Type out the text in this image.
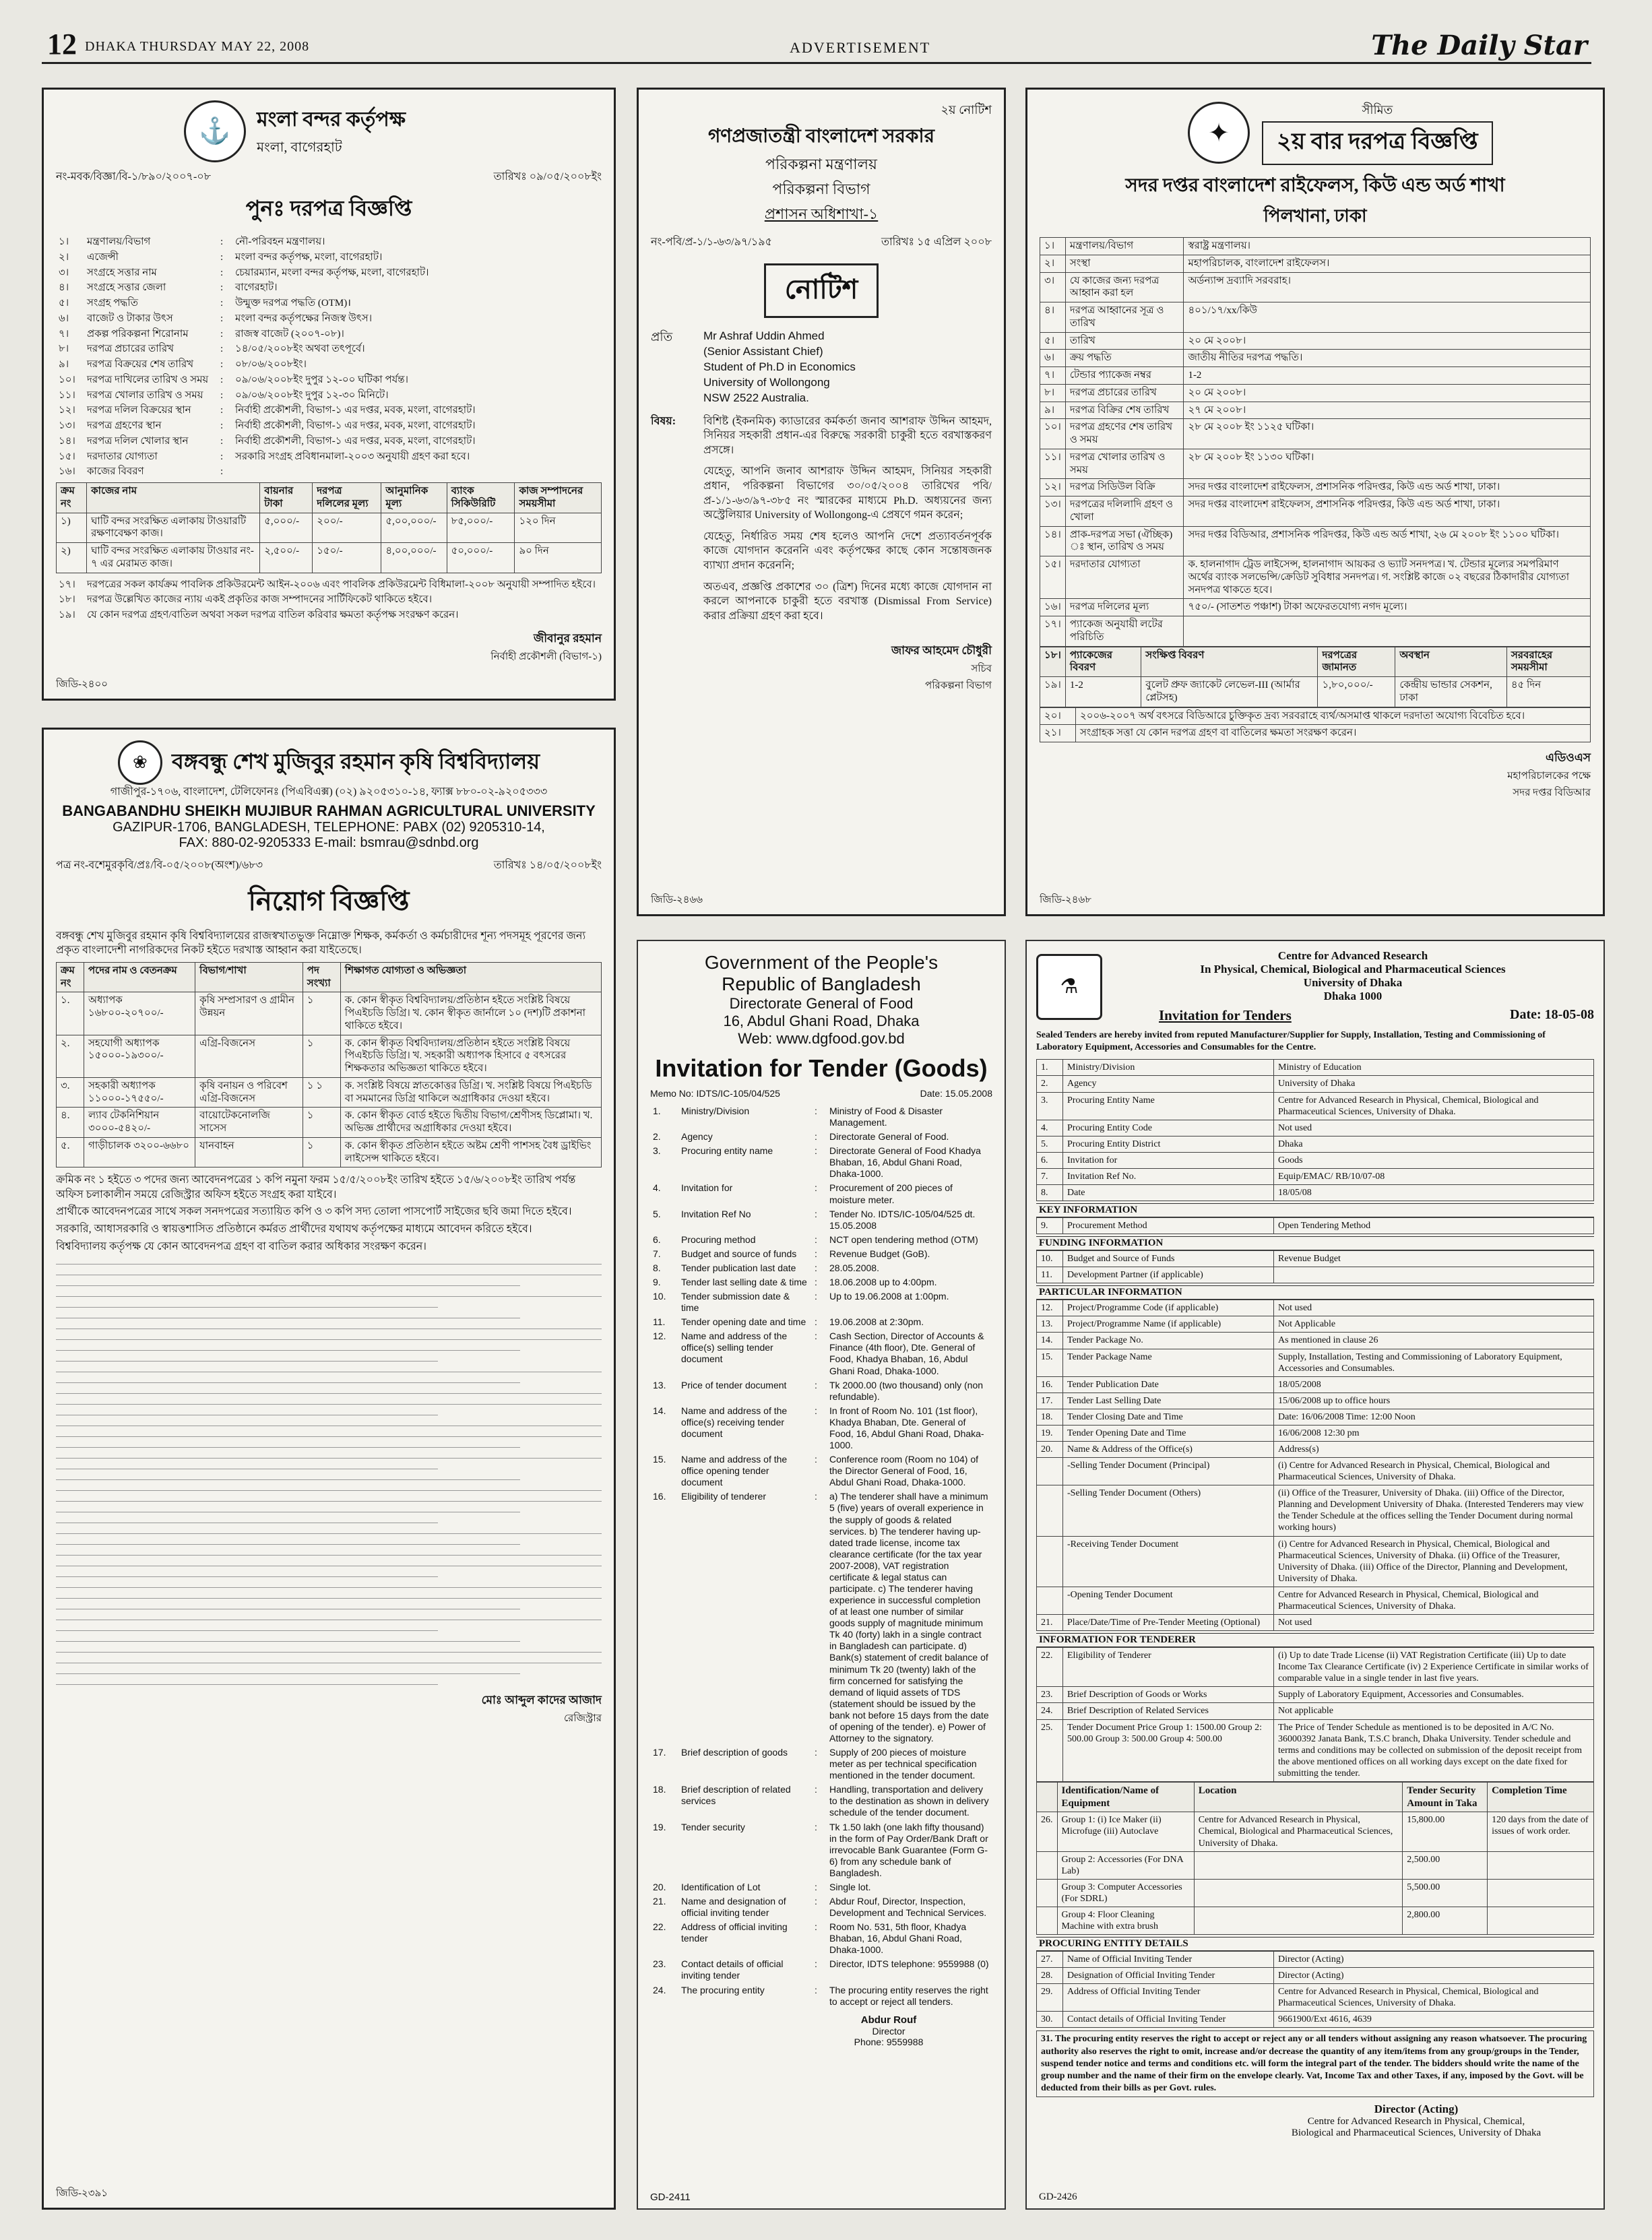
12 DHAKA THURSDAY MAY 22, 2008	ADVERTISEMENT	The Daily Star
⚓	মংলা বন্দর কর্তৃপক্ষ
মংলা, বাগেরহাট
নং-মবক/বিজ্ঞা/বি-১/৮৯০/২০০৭-০৮	তারিখঃ ০৯/০৫/২০০৮ইং
পুনঃ দরপত্র বিজ্ঞপ্তি
১।	মন্ত্রণালয়/বিভাগ	:	নৌ-পরিবহন মন্ত্রণালয়।
২।	এজেন্সী	:	মংলা বন্দর কর্তৃপক্ষ, মংলা, বাগেরহাট।
৩।	সংগ্রহে সত্তার নাম	:	চেয়ারম্যান, মংলা বন্দর কর্তৃপক্ষ, মংলা, বাগেরহাট।
৪।	সংগ্রহে সত্তার জেলা	:	বাগেরহাট।
৫।	সংগ্রহ পদ্ধতি	:	উন্মুক্ত দরপত্র পদ্ধতি (OTM)।
৬।	বাজেট ও টাকার উৎস	:	মংলা বন্দর কর্তৃপক্ষের নিজস্ব উৎস।
৭।	প্রকল্প পরিকল্পনা শিরোনাম	:	রাজস্ব বাজেট (২০০৭-০৮)।
৮।	দরপত্র প্রচারের তারিখ	:	১৪/০৫/২০০৮ইং অথবা তৎপূর্বে।
৯।	দরপত্র বিক্রয়ের শেষ তারিখ	:	০৮/০৬/২০০৮ইং।
১০।	দরপত্র দাখিলের তারিখ ও সময়	:	০৯/০৬/২০০৮ইং দুপুর ১২-০০ ঘটিকা পর্যন্ত।
১১।	দরপত্র খোলার তারিখ ও সময়	:	০৯/০৬/২০০৮ইং দুপুর ১২-৩০ মিনিটে।
১২।	দরপত্র দলিল বিক্রয়ের স্থান	:	নির্বাহী প্রকৌশলী, বিভাগ-১ এর দপ্তর, মবক, মংলা, বাগেরহাট।
১৩।	দরপত্র গ্রহণের স্থান	:	নির্বাহী প্রকৌশলী, বিভাগ-১ এর দপ্তর, মবক, মংলা, বাগেরহাট।
১৪।	দরপত্র দলিল খোলার স্থান	:	নির্বাহী প্রকৌশলী, বিভাগ-১ এর দপ্তর, মবক, মংলা, বাগেরহাট।
১৫।	দরদাতার যোগ্যতা	:	সরকারি সংগ্রহ প্রবিধানমালা-২০০৩ অনুযায়ী গ্রহণ করা হবে।
১৬।	কাজের বিবরণ	:	
ক্রম নং	কাজের নাম	বায়নার টাকা	দরপত্র দলিলের মূল্য	আনুমানিক মূল্য	ব্যাংক সিকিউরিটি	কাজ সম্পাদনের সময়সীমা
১)	ঘাটি বন্দর সংরক্ষিত এলাকায় টাওয়ারটি রক্ষণাবেক্ষণ কাজ।	৫,০০০/-	২০০/-	৫,০০,০০০/-	৮৫,০০০/-	১২০ দিন
২)	ঘাটি বন্দর সংরক্ষিত এলাকায় টাওয়ার নং- ৭ এর মেরামত কাজ।	২,৫০০/-	১৫০/-	৪,০০,০০০/-	৫০,০০০/-	৯০ দিন
১৭।	দরপত্রের সকল কার্যক্রম পাবলিক প্রকিউরমেন্ট আইন-২০০৬ এবং পাবলিক প্রকিউরমেন্ট বিধিমালা-২০০৮ অনুযায়ী সম্পাদিত হইবে।
১৮।	দরপত্র উল্লেখিত কাজের ন্যায় একই প্রকৃতির কাজ সম্পাদনের সার্টিফিকেট থাকিতে হইবে।
১৯।	যে কোন দরপত্র গ্রহণ/বাতিল অথবা সকল দরপত্র বাতিল করিবার ক্ষমতা কর্তৃপক্ষ সংরক্ষণ করেন।
জীবানুর রহমান
নির্বাহী প্রকৌশলী (বিভাগ-১)
জিডি-২৪০০
২য় নোটিশ
গণপ্রজাতন্ত্রী বাংলাদেশ সরকার
পরিকল্পনা মন্ত্রণালয়
পরিকল্পনা বিভাগ
প্রশাসন অধিশাখা-১
নং-পবি/প্র-১/১-৬৩/৯৭/১৯৫	তারিখঃ ১৫ এপ্রিল ২০০৮
নোটিশ
প্রতি	Mr Ashraf Uddin Ahmed
(Senior Assistant Chief)
Student of Ph.D in Economics
University of Wollongong
NSW 2522 Australia.
বিষয়:	বিশিষ্ট (ইকনমিক) ক্যাডারের কর্মকর্তা জনাব আশরাফ উদ্দিন আহমদ, সিনিয়র সহকারী প্রধান-এর বিরুদ্ধে সরকারী চাকুরী হতে বরখাস্তকরণ প্রসঙ্গে।

যেহেতু, আপনি জনাব আশরাফ উদ্দিন আহমদ, সিনিয়র সহকারী প্রধান, পরিকল্পনা বিভাগের ৩০/০৫/২০০৪ তারিখের পবি/প্র-১/১-৬৩/৯৭-৩৮৫ নং স্মারকের মাধ্যমে Ph.D. অধ্যয়নের জন্য অস্ট্রেলিয়ার University of Wollongong-এ প্রেষণে গমন করেন;

যেহেতু, নির্ধারিত সময় শেষ হলেও আপনি দেশে প্রত্যাবর্তনপূর্বক কাজে যোগদান করেননি এবং কর্তৃপক্ষের কাছে কোন সন্তোষজনক ব্যাখ্যা প্রদান করেননি;

অতএব, প্রজ্ঞপ্তি প্রকাশের ৩০ (ত্রিশ) দিনের মধ্যে কাজে যোগদান না করলে আপনাকে চাকুরী হতে বরখাস্ত (Dismissal From Service) করার প্রক্রিয়া গ্রহণ করা হবে।

জাফর আহমেদ চৌধুরী
সচিব
পরিকল্পনা বিভাগ
জিডি-২৪৬৬
✦
সীমিত
২য় বার দরপত্র বিজ্ঞপ্তি
সদর দপ্তর বাংলাদেশ রাইফেলস, কিউ এন্ড অর্ড শাখা
পিলখানা, ঢাকা
১।	মন্ত্রণালয়/বিভাগ	স্বরাষ্ট্র মন্ত্রণালয়।
২।	সংস্থা	মহাপরিচালক, বাংলাদেশ রাইফেলস।
৩।	যে কাজের জন্য দরপত্র আহ্বান করা হল	অর্ডন্যান্স দ্রব্যাদি সরবরাহ।
৪।	দরপত্র আহ্বানের সূত্র ও তারিখ	৪০১/১৭/xx/কিউ
৫।	তারিখ	২০ মে ২০০৮।
৬।	ক্রয় পদ্ধতি	জাতীয় নীতির দরপত্র পদ্ধতি।
৭।	টেন্ডার প্যাকেজ নম্বর	1-2
৮।	দরপত্র প্রচারের তারিখ	২০ মে ২০০৮।
৯।	দরপত্র বিক্রির শেষ তারিখ	২৭ মে ২০০৮।
১০।	দরপত্র গ্রহণের শেষ তারিখ ও সময়	২৮ মে ২০০৮ ইং ১১২৫ ঘটিকা।
১১।	দরপত্র খোলার তারিখ ও সময়	২৮ মে ২০০৮ ইং ১১৩০ ঘটিকা।
১২।	দরপত্র সিডিউল বিক্রি	সদর দপ্তর বাংলাদেশ রাইফেলস, প্রশাসনিক পরিদপ্তর, কিউ এন্ড অর্ড শাখা, ঢাকা।
১৩।	দরপত্রের দলিলাদি গ্রহণ ও খোলা	সদর দপ্তর বাংলাদেশ রাইফেলস, প্রশাসনিক পরিদপ্তর, কিউ এন্ড অর্ড শাখা, ঢাকা।
১৪।	প্রাক-দরপত্র সভা (ঐচ্ছিক) ঃ স্থান, তারিখ ও সময়	সদর দপ্তর বিডিআর, প্রশাসনিক পরিদপ্তর, কিউ এন্ড অর্ড শাখা, ২৬ মে ২০০৮ ইং ১১০০ ঘটিকা।
১৫।	দরদাতার যোগ্যতা	ক. হালনাগাদ ট্রেড লাইসেন্স, হালনাগাদ আয়কর ও ভ্যাট সনদপত্র। খ. টেন্ডার মূল্যের সমপরিমাণ অর্থের ব্যাংক সলভেন্সি/ক্রেডিট সুবিধার সনদপত্র। গ. সংশ্লিষ্ট কাজে ০২ বছরের ঠিকাদারীর যোগ্যতা সনদপত্র থাকতে হবে।
১৬।	দরপত্র দলিলের মূল্য	৭৫০/- (সাতশত পঞ্চাশ) টাকা অফেরতযোগ্য নগদ মূল্যে।
১৭।	প্যাকেজ অনুযায়ী লটের পরিচিতি	
১৮।	প্যাকেজের বিবরণ	সংক্ষিপ্ত বিবরণ	দরপত্রের জামানত	অবস্থান	সরবরাহের সময়সীমা
১৯।	1-2	বুলেট প্রুফ জ্যাকেট লেভেল-III (আর্মার প্লেটসহ)	১,৮০,০০০/-	কেন্দ্রীয় ভান্ডার সেকশন, ঢাকা	৪৫ দিন
২০।	২০০৬-২০০৭ অর্থ বৎসরে বিডিআরে চুক্তিকৃত দ্রব্য সরবরাহে ব্যর্থ/অসমাপ্ত থাকলে দরদাতা অযোগ্য বিবেচিত হবে।
২১।	সংগ্রাহক সত্তা যে কোন দরপত্র গ্রহণ বা বাতিলের ক্ষমতা সংরক্ষণ করেন।
এডিওএস
মহাপরিচালকের পক্ষে
সদর দপ্তর বিডিআর
জিডি-২৪৬৮
❀	বঙ্গবন্ধু শেখ মুজিবুর রহমান কৃষি বিশ্ববিদ্যালয়
গাজীপুর-১৭০৬, বাংলাদেশ, টেলিফোনঃ (পিএবিএক্স) (০২) ৯২০৫৩১০-১৪, ফ্যাক্স ৮৮০-০২-৯২০৫৩৩৩
BANGABANDHU SHEIKH MUJIBUR RAHMAN AGRICULTURAL UNIVERSITY
GAZIPUR-1706, BANGLADESH, TELEPHONE: PABX (02) 9205310-14,
FAX: 880-02-9205333 E-mail: bsmrau@sdnbd.org
পত্র নং-বশেমুরকৃবি/প্রঃ/বি-০৫/২০০৮(অংশ)/৬৮৩	তারিখঃ ১৪/০৫/২০০৮ইং
নিয়োগ বিজ্ঞপ্তি
বঙ্গবন্ধু শেখ মুজিবুর রহমান কৃষি বিশ্ববিদ্যালয়ের রাজস্বখাতভুক্ত নিম্নোক্ত শিক্ষক, কর্মকর্তা ও কর্মচারীদের শূন্য পদসমূহ পূরণের জন্য প্রকৃত বাংলাদেশী নাগরিকদের নিকট হইতে দরখাস্ত আহ্বান করা যাইতেছে।
ক্রম নং	পদের নাম ও বেতনক্রম	বিভাগ/শাখা	পদ সংখ্যা	শিক্ষাগত যোগ্যতা ও অভিজ্ঞতা
১.	অধ্যাপক ১৬৮০০-২০৭০০/-	কৃষি সম্প্রসারণ ও গ্রামীন উন্নয়ন	১	ক. কোন স্বীকৃত বিশ্ববিদ্যালয়/প্রতিষ্ঠান হইতে সংশ্লিষ্ট বিষয়ে পিএইচডি ডিগ্রি। খ. কোন স্বীকৃত জার্নালে ১০ (দশ)টি প্রকাশনা থাকিতে হইবে।
২.	সহযোগী অধ্যাপক ১৫০০০-১৯৩০০/-	এগ্রি-বিজনেস	১	ক. কোন স্বীকৃত বিশ্ববিদ্যালয়/প্রতিষ্ঠান হইতে সংশ্লিষ্ট বিষয়ে পিএইচডি ডিগ্রি। খ. সহকারী অধ্যাপক হিসাবে ৫ বৎসরের শিক্ষকতার অভিজ্ঞতা থাকিতে হইবে।
৩.	সহকারী অধ্যাপক ১১০০০-১৭৫৫০/-	কৃষি বনায়ন ও পরিবেশ এগ্রি-বিজনেস	১ ১	ক. সংশ্লিষ্ট বিষয়ে স্নাতকোত্তর ডিগ্রি। খ. সংশ্লিষ্ট বিষয়ে পিএইচডি বা সমমানের ডিগ্রি থাকিলে অগ্রাধিকার দেওয়া হইবে।
৪.	ল্যাব টেকনিশিয়ান ৩০০০-৫৪২০/-	বায়োটেকনোলজি সাসেস	১	ক. কোন স্বীকৃত বোর্ড হইতে দ্বিতীয় বিভাগ/শ্রেণীসহ ডিপ্লোমা। খ. অভিজ্ঞ প্রার্থীদের অগ্রাধিকার দেওয়া হইবে।
৫.	গাড়ীচালক ৩২০০-৬৬৮০	যানবাহন	১	ক. কোন স্বীকৃত প্রতিষ্ঠান হইতে অষ্টম শ্রেণী পাশসহ বৈধ ড্রাইভিং লাইসেন্স থাকিতে হইবে।
ক্রমিক নং ১ হইতে ৩ পদের জন্য আবেদনপত্রের ১ কপি নমুনা ফরম ১৫/৫/২০০৮ইং তারিখ হইতে ১৫/৬/২০০৮ইং তারিখ পর্যন্ত অফিস চলাকালীন সময়ে রেজিস্ট্রার অফিস হইতে সংগ্রহ করা যাইবে।
প্রার্থীকে আবেদনপত্রের সাথে সকল সনদপত্রের সত্যায়িত কপি ও ৩ কপি সদ্য তোলা পাসপোর্ট সাইজের ছবি জমা দিতে হইবে।
সরকারি, আধাসরকারি ও স্বায়ত্তশাসিত প্রতিষ্ঠানে কর্মরত প্রার্থীদের যথাযথ কর্তৃপক্ষের মাধ্যমে আবেদন করিতে হইবে।
বিশ্ববিদ্যালয় কর্তৃপক্ষ যে কোন আবেদনপত্র গ্রহণ বা বাতিল করার অধিকার সংরক্ষণ করেন।
মোঃ আব্দুল কাদের আজাদ
রেজিস্ট্রার
জিডি-২৩৯১
Government of the People's
Republic of Bangladesh
Directorate General of Food
16, Abdul Ghani Road, Dhaka
Web: www.dgfood.gov.bd
Invitation for Tender (Goods)
Memo No: IDTS/IC-105/04/525	Date: 15.05.2008
1.	Ministry/Division	:	Ministry of Food & Disaster Management.
2.	Agency	:	Directorate General of Food.
3.	Procuring entity name	:	Directorate General of Food Khadya Bhaban, 16, Abdul Ghani Road, Dhaka-1000.
4.	Invitation for	:	Procurement of 200 pieces of moisture meter.
5.	Invitation Ref No	:	Tender No. IDTS/IC-105/04/525 dt. 15.05.2008
6.	Procuring method	:	NCT open tendering method (OTM)
7.	Budget and source of funds	:	Revenue Budget (GoB).
8.	Tender publication last date	:	28.05.2008.
9.	Tender last selling date & time	:	18.06.2008 up to 4:00pm.
10.	Tender submission date & time	:	Up to 19.06.2008 at 1:00pm.
11.	Tender opening date and time	:	19.06.2008 at 2:30pm.
12.	Name and address of the office(s) selling tender document	:	Cash Section, Director of Accounts & Finance (4th floor), Dte. General of Food, Khadya Bhaban, 16, Abdul Ghani Road, Dhaka-1000.
13.	Price of tender document	:	Tk 2000.00 (two thousand) only (non refundable).
14.	Name and address of the office(s) receiving tender document	:	In front of Room No. 101 (1st floor), Khadya Bhaban, Dte. General of Food, 16, Abdul Ghani Road, Dhaka-1000.
15.	Name and address of the office opening tender document	:	Conference room (Room no 104) of the Director General of Food, 16, Abdul Ghani Road, Dhaka-1000.
16.	Eligibility of tenderer	:	a) The tenderer shall have a minimum 5 (five) years of overall experience in the supply of goods & related services. b) The tenderer having up-dated trade license, income tax clearance certificate (for the tax year 2007-2008), VAT registration certificate & legal status can participate. c) The tenderer having experience in successful completion of at least one number of similar goods supply of magnitude minimum Tk 40 (forty) lakh in a single contract in Bangladesh can participate. d) Bank(s) statement of credit balance of minimum Tk 20 (twenty) lakh of the firm concerned for satisfying the demand of liquid assets of TDS (statement should be issued by the bank not before 15 days from the date of opening of the tender). e) Power of Attorney to the signatory.
17.	Brief description of goods	:	Supply of 200 pieces of moisture meter as per technical specification mentioned in the tender document.
18.	Brief description of related services	:	Handling, transportation and delivery to the destination as shown in delivery schedule of the tender document.
19.	Tender security	:	Tk 1.50 lakh (one lakh fifty thousand) in the form of Pay Order/Bank Draft or irrevocable Bank Guarantee (Form G-6) from any schedule bank of Bangladesh.
20.	Identification of Lot	:	Single lot.
21.	Name and designation of official inviting tender	:	Abdur Rouf, Director, Inspection, Development and Technical Services.
22.	Address of official inviting tender	:	Room No. 531, 5th floor, Khadya Bhaban, 16, Abdul Ghani Road, Dhaka-1000.
23.	Contact details of official inviting tender	:	Director, IDTS telephone: 9559988 (0)
24.	The procuring entity	:	The procuring entity reserves the right to accept or reject all tenders.
Abdur Rouf
Director
Phone: 9559988
GD-2411
⚗
Centre for Advanced Research
In Physical, Chemical, Biological and Pharmaceutical Sciences
University of Dhaka
Dhaka 1000
Invitation for Tenders	Date: 18-05-08
Sealed Tenders are hereby invited from reputed Manufacturer/Supplier for Supply, Installation, Testing and Commissioning of Laboratory Equipment, Accessories and Consumables for the Centre.
1.	Ministry/Division	Ministry of Education
2.	Agency	University of Dhaka
3.	Procuring Entity Name	Centre for Advanced Research in Physical, Chemical, Biological and Pharmaceutical Sciences, University of Dhaka.
4.	Procuring Entity Code	Not used
5.	Procuring Entity District	Dhaka
6.	Invitation for	Goods
7.	Invitation Ref No.	Equip/EMAC/ RB/10/07-08
8.	Date	18/05/08
KEY INFORMATION
9.	Procurement Method	Open Tendering Method
FUNDING INFORMATION
10.	Budget and Source of Funds	Revenue Budget
11.	Development Partner (if applicable)	
PARTICULAR INFORMATION
12.	Project/Programme Code (if applicable)	Not used
13.	Project/Programme Name (if applicable)	Not Applicable
14.	Tender Package No.	As mentioned in clause 26
15.	Tender Package Name	Supply, Installation, Testing and Commissioning of Laboratory Equipment, Accessories and Consumables.
16.	Tender Publication Date	18/05/2008
17.	Tender Last Selling Date	15/06/2008 up to office hours
18.	Tender Closing Date and Time	Date: 16/06/2008 Time: 12:00 Noon
19.	Tender Opening Date and Time	16/06/2008 12:30 pm
20.	Name & Address of the Office(s)	Address(s)
	-Selling Tender Document (Principal)	(i) Centre for Advanced Research in Physical, Chemical, Biological and Pharmaceutical Sciences, University of Dhaka.
	-Selling Tender Document (Others)	(ii) Office of the Treasurer, University of Dhaka. (iii) Office of the Director, Planning and Development University of Dhaka. (Interested Tenderers may view the Tender Schedule at the offices selling the Tender Document during normal working hours)
	-Receiving Tender Document	(i) Centre for Advanced Research in Physical, Chemical, Biological and Pharmaceutical Sciences, University of Dhaka. (ii) Office of the Treasurer, University of Dhaka. (iii) Office of the Director, Planning and Development, University of Dhaka.
	-Opening Tender Document	Centre for Advanced Research in Physical, Chemical, Biological and Pharmaceutical Sciences, University of Dhaka.
21.	Place/Date/Time of Pre-Tender Meeting (Optional)	Not used
INFORMATION FOR TENDERER
22.	Eligibility of Tenderer	(i) Up to date Trade License (ii) VAT Registration Certificate (iii) Up to date Income Tax Clearance Certificate (iv) 2 Experience Certificate in similar works of comparable value in a single tender in last five years.
23.	Brief Description of Goods or Works	Supply of Laboratory Equipment, Accessories and Consumables.
24.	Brief Description of Related Services	Not applicable
25.	Tender Document Price Group 1: 1500.00 Group 2: 500.00 Group 3: 500.00 Group 4: 500.00	The Price of Tender Schedule as mentioned is to be deposited in A/C No. 36000392 Janata Bank, T.S.C branch, Dhaka University. Tender schedule and terms and conditions may be collected on submission of the deposit receipt from the above mentioned offices on all working days except on the date fixed for submitting the tender.
	Identification/Name of Equipment	Location	Tender Security Amount in Taka	Completion Time
26.	Group 1: (i) Ice Maker (ii) Microfuge (iii) Autoclave	Centre for Advanced Research in Physical, Chemical, Biological and Pharmaceutical Sciences, University of Dhaka.	15,800.00	120 days from the date of issues of work order.
	Group 2: Accessories (For DNA Lab)		2,500.00	
	Group 3: Computer Accessories (For SDRL)		5,500.00	
	Group 4: Floor Cleaning Machine with extra brush		2,800.00	
PROCURING ENTITY DETAILS
27.	Name of Official Inviting Tender	Director (Acting)
28.	Designation of Official Inviting Tender	Director (Acting)
29.	Address of Official Inviting Tender	Centre for Advanced Research in Physical, Chemical, Biological and Pharmaceutical Sciences, University of Dhaka.
30.	Contact details of Official Inviting Tender	9661900/Ext 4616, 4639
31. The procuring entity reserves the right to accept or reject any or all tenders without assigning any reason whatsoever. The procuring authority also reserves the right to omit, increase and/or decrease the quantity of any item/items from any group/groups in the Tender, suspend tender notice and terms and conditions etc. will form the integral part of the tender. The bidders should write the name of the group number and the name of their firm on the envelope clearly. Vat, Income Tax and other Taxes, if any, imposed by the Govt. will be deducted from their bills as per Govt. rules.
Director (Acting)
Centre for Advanced Research in Physical, Chemical,
Biological and Pharmaceutical Sciences, University of Dhaka
GD-2426
